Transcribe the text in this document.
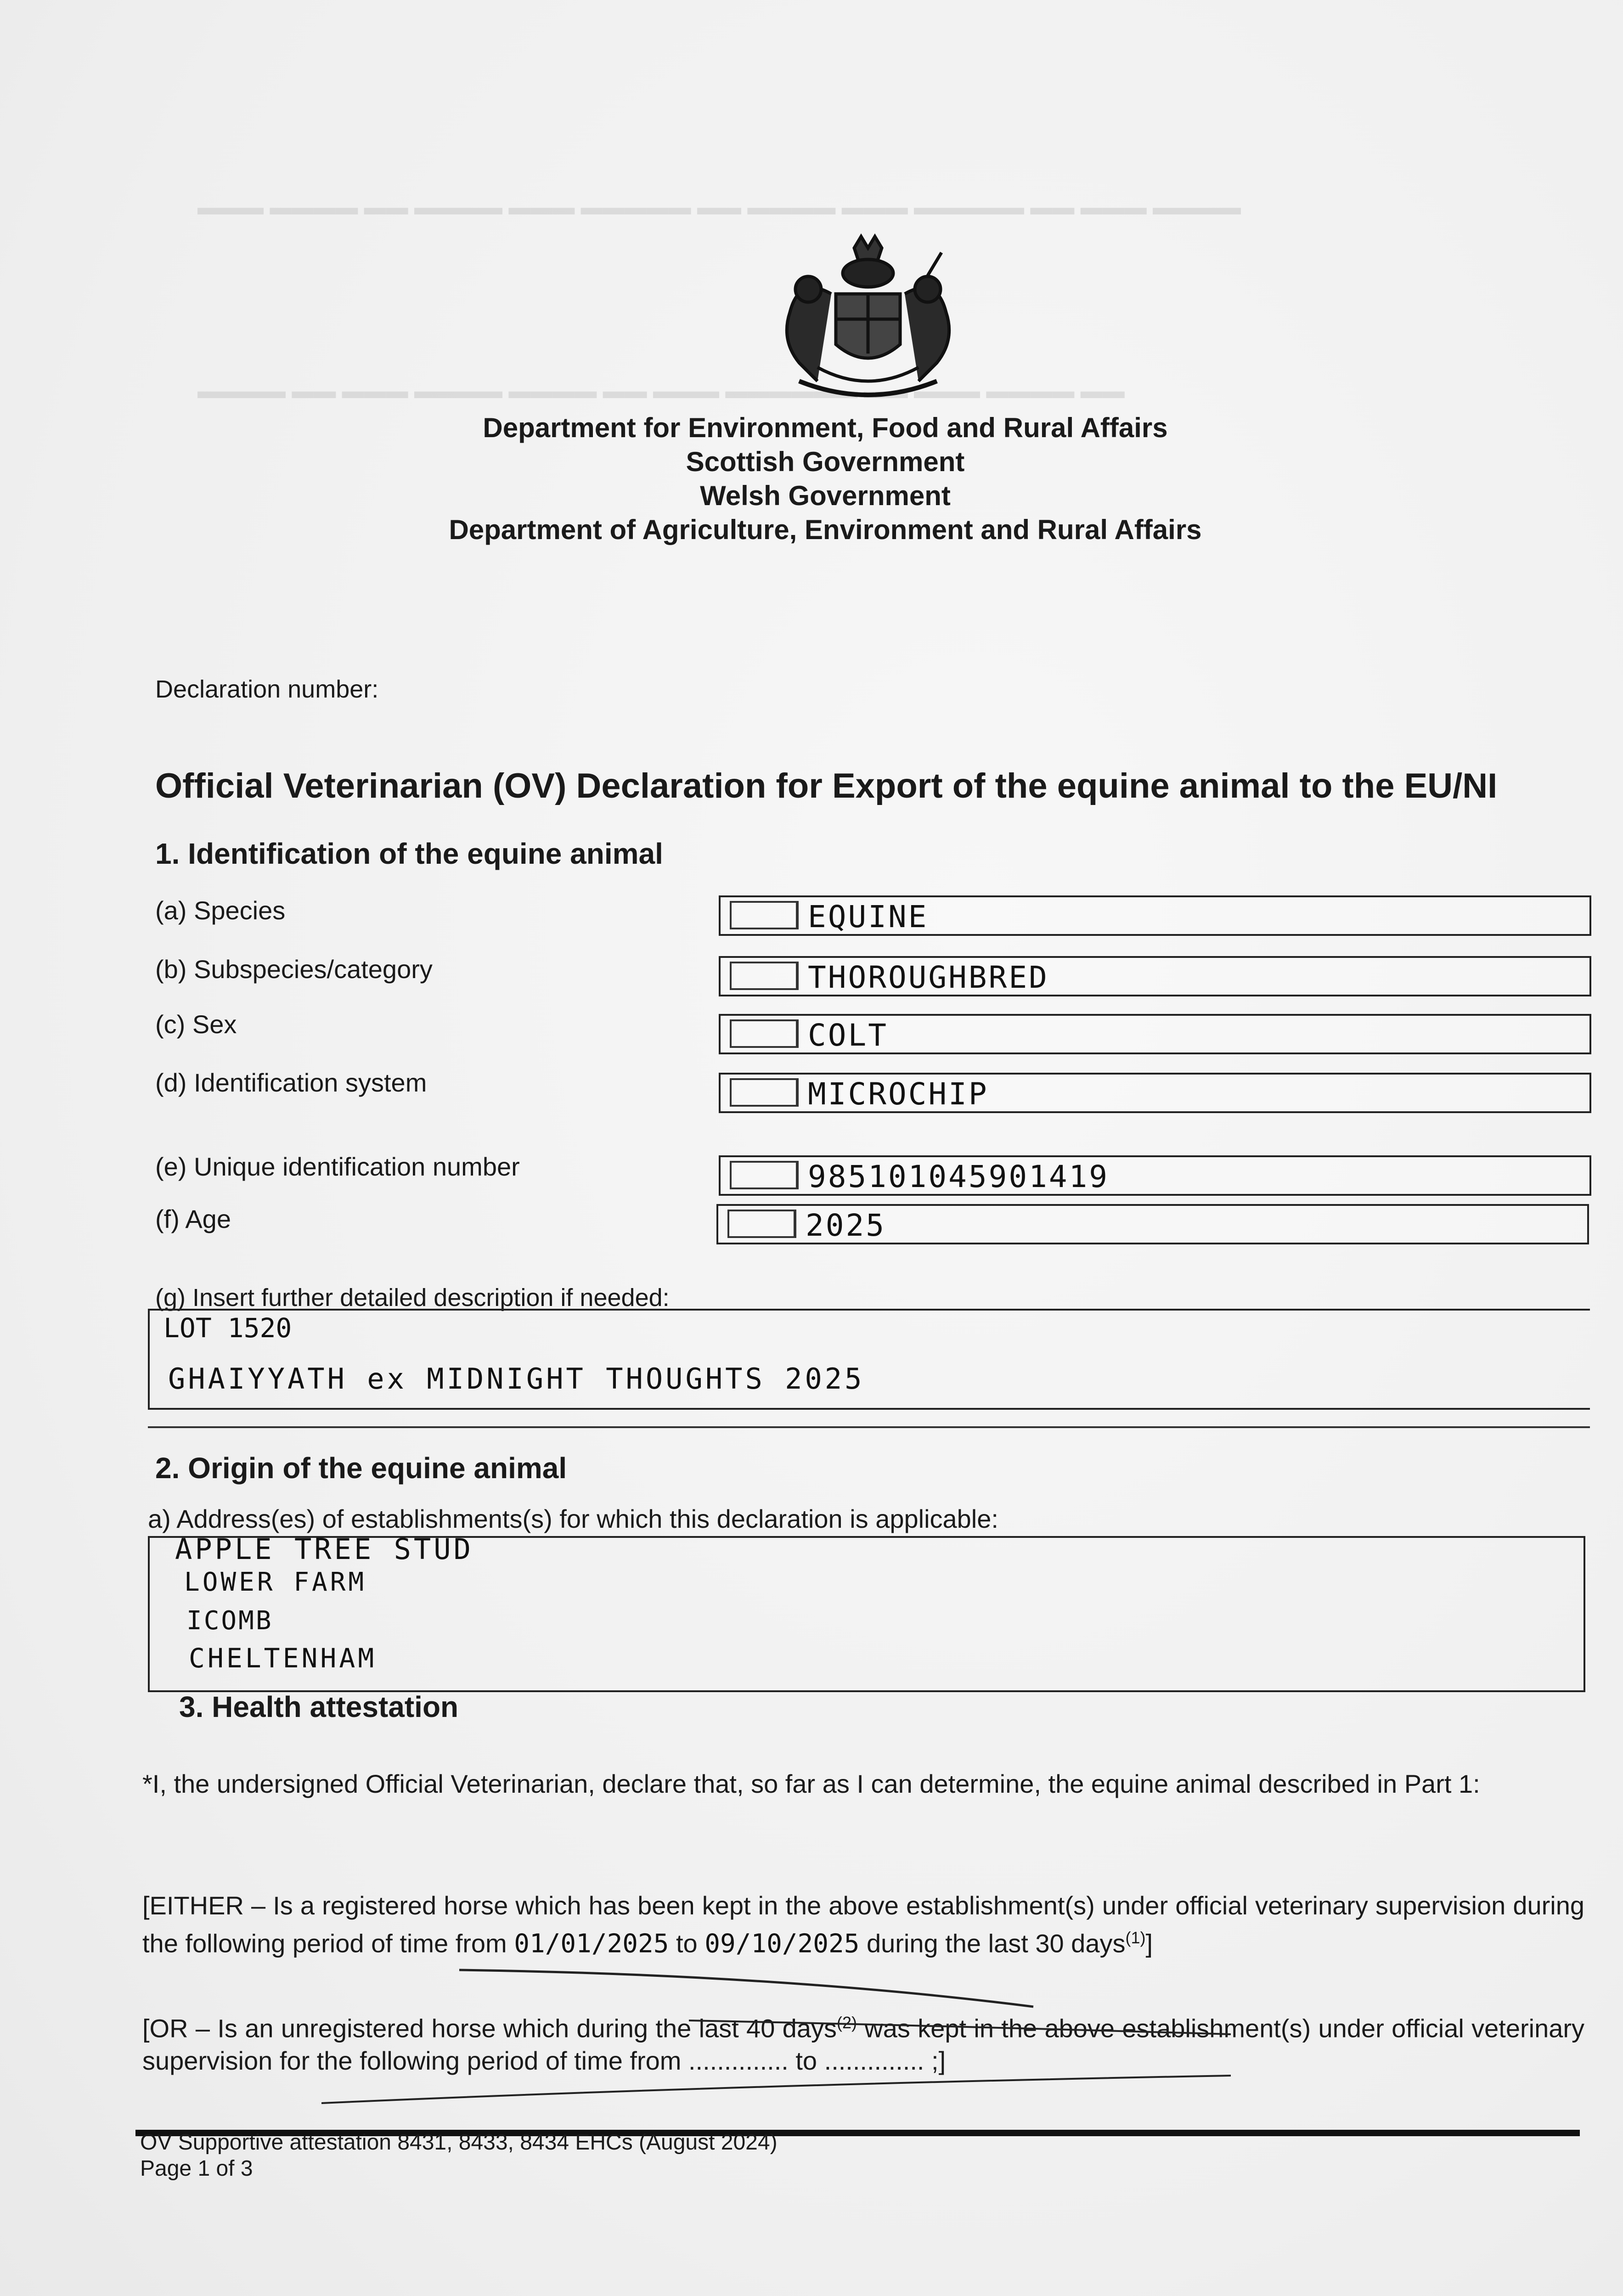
▬▬▬ ▬▬▬▬ ▬▬ ▬▬▬▬ ▬▬▬ ▬▬▬▬▬ ▬▬ ▬▬▬▬ ▬▬▬ ▬▬▬▬▬ ▬▬ ▬▬▬ ▬▬▬▬
▬▬▬▬ ▬▬ ▬▬▬ ▬▬▬▬ ▬▬▬▬ ▬▬ ▬▬▬ ▬▬▬▬▬▬ ▬▬ ▬▬▬ ▬▬▬▬ ▬▬
Department for Environment, Food and Rural Affairs
Scottish Government
Welsh Government
Department of Agriculture, Environment and Rural Affairs
Declaration number:
Official Veterinarian (OV) Declaration for Export of the equine animal to the EU/NI
1. Identification of the equine animal
(a) Species	EQUINE
(b) Subspecies/category	THOROUGHBRED
(c) Sex	COLT
(d) Identification system	MICROCHIP
(e) Unique identification number	985101045901419
(f) Age	2025
(g) Insert further detailed description if needed:
LOT 1520
GHAIYYATH ex MIDNIGHT THOUGHTS 2025
2. Origin of the equine animal
a) Address(es) of establishments(s) for which this declaration is applicable:
APPLE TREE STUD
LOWER FARM
ICOMB
CHELTENHAM
3. Health attestation
*I, the undersigned Official Veterinarian, declare that, so far as I can determine, the equine animal described in Part 1:
[EITHER – Is a registered horse which has been kept in the above establishment(s) under official veterinary supervision during the following period of time from 01/01/2025 to 09/10/2025 during the last 30 days$^{(1)}$]
[OR – Is an unregistered horse which during the last 40 days$^{(2)}$ was kept in the above establishment(s) under official veterinary supervision for the following period of time from .............. to .............. ;]
OV Supportive attestation 8431, 8433, 8434 EHCs (August 2024)
Page 1 of 3
